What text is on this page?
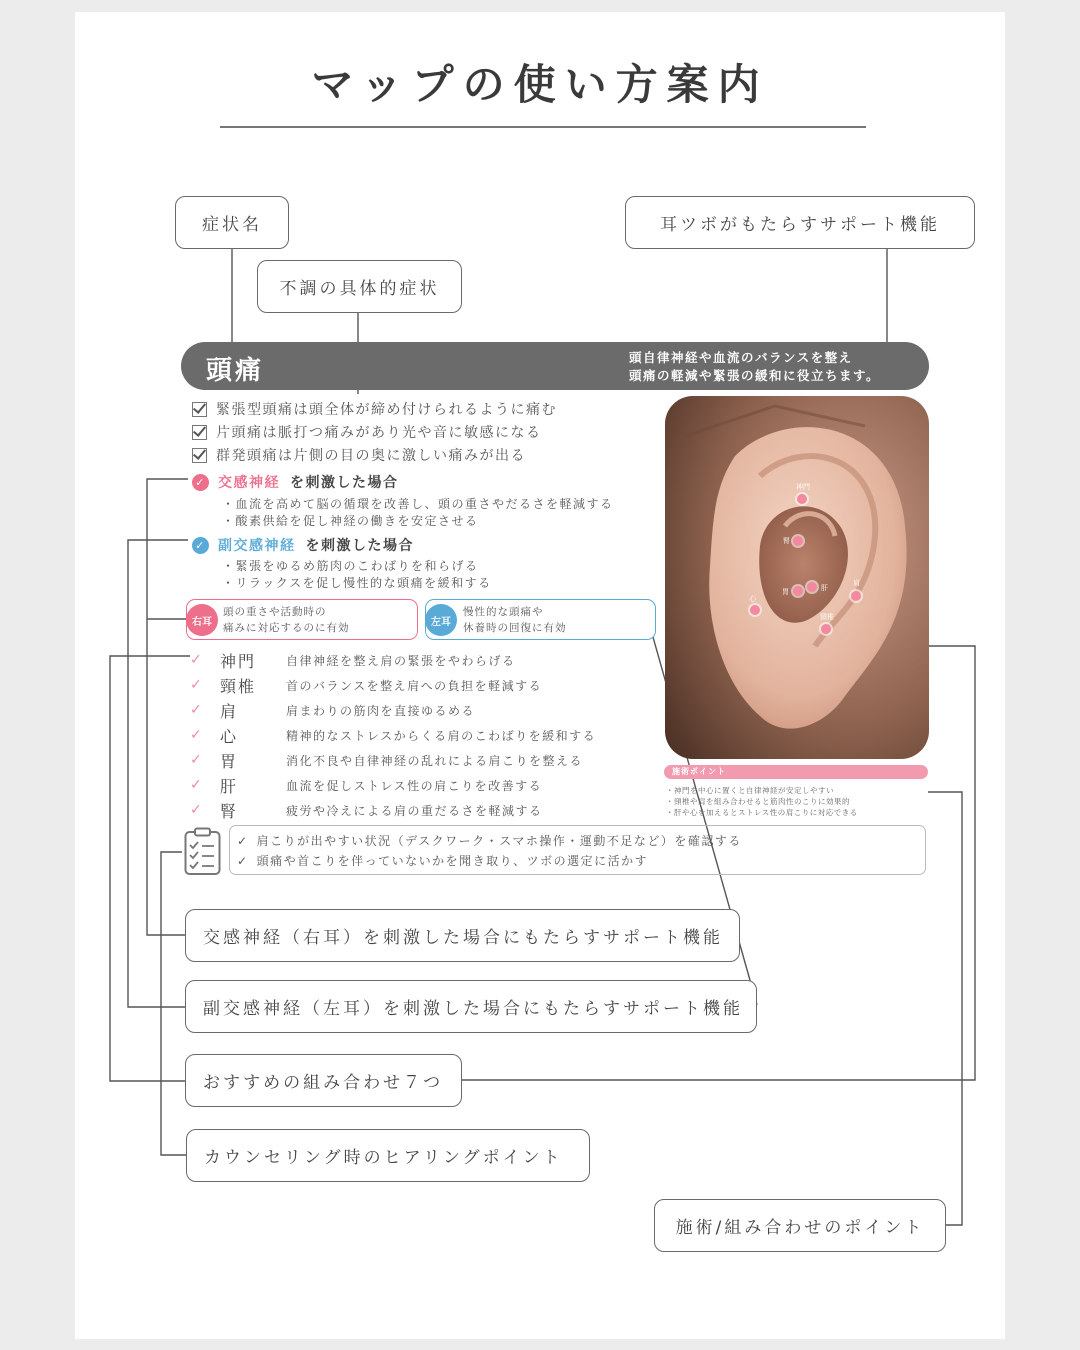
マップの使い方案内
症状名	耳ツボがもたらすサポート機能
不調の具体的症状
頭痛	頭自律神経や血流のバランスを整え
頭痛の軽減や緊張の緩和に役立ちます。
緊張型頭痛は頭全体が締め付けられるように痛む
片頭痛は脈打つ痛みがあり光や音に敏感になる
群発頭痛は片側の目の奥に激しい痛みが出る
✓ 交感神経 を刺激した場合
・血流を高めて脳の循環を改善し、頭の重さやだるさを軽減する
・酸素供給を促し神経の働きを安定させる
✓ 副交感神経 を刺激した場合
・緊張をゆるめ筋肉のこわばりを和らげる
・リラックスを促し慢性的な頭痛を緩和する
右耳
頭の重さや活動時の
痛みに対応するのに有効	左耳
慢性的な頭痛や
休養時の回復に有効
✓	神門	自律神経を整え肩の緊張をやわらげる
✓	頸椎	首のバランスを整え肩への負担を軽減する
✓	肩	肩まわりの筋肉を直接ゆるめる
✓	心	精神的なストレスからくる肩のこわばりを緩和する
✓	胃	消化不良や自律神経の乱れによる肩こりを整える
✓	肝	血流を促しストレス性の肩こりを改善する
✓	腎	疲労や冷えによる肩の重だるさを軽減する
神門
腎
肩
肝
胃
心
頸椎
施術ポイント
・神門を中心に置くと自律神経が安定しやすい
・頸椎や肩を組み合わせると筋肉性のこりに効果的
・肝や心を加えるとストレス性の肩こりに対応できる
✓ 肩こりが出やすい状況（デスクワーク・スマホ操作・運動不足など）を確認する
✓ 頭痛や首こりを伴っていないかを聞き取り、ツボの選定に活かす
交感神経（右耳）を刺激した場合にもたらすサポート機能
副交感神経（左耳）を刺激した場合にもたらすサポート機能
おすすめの組み合わせ７つ
カウンセリング時のヒアリングポイント
施術/組み合わせのポイント
